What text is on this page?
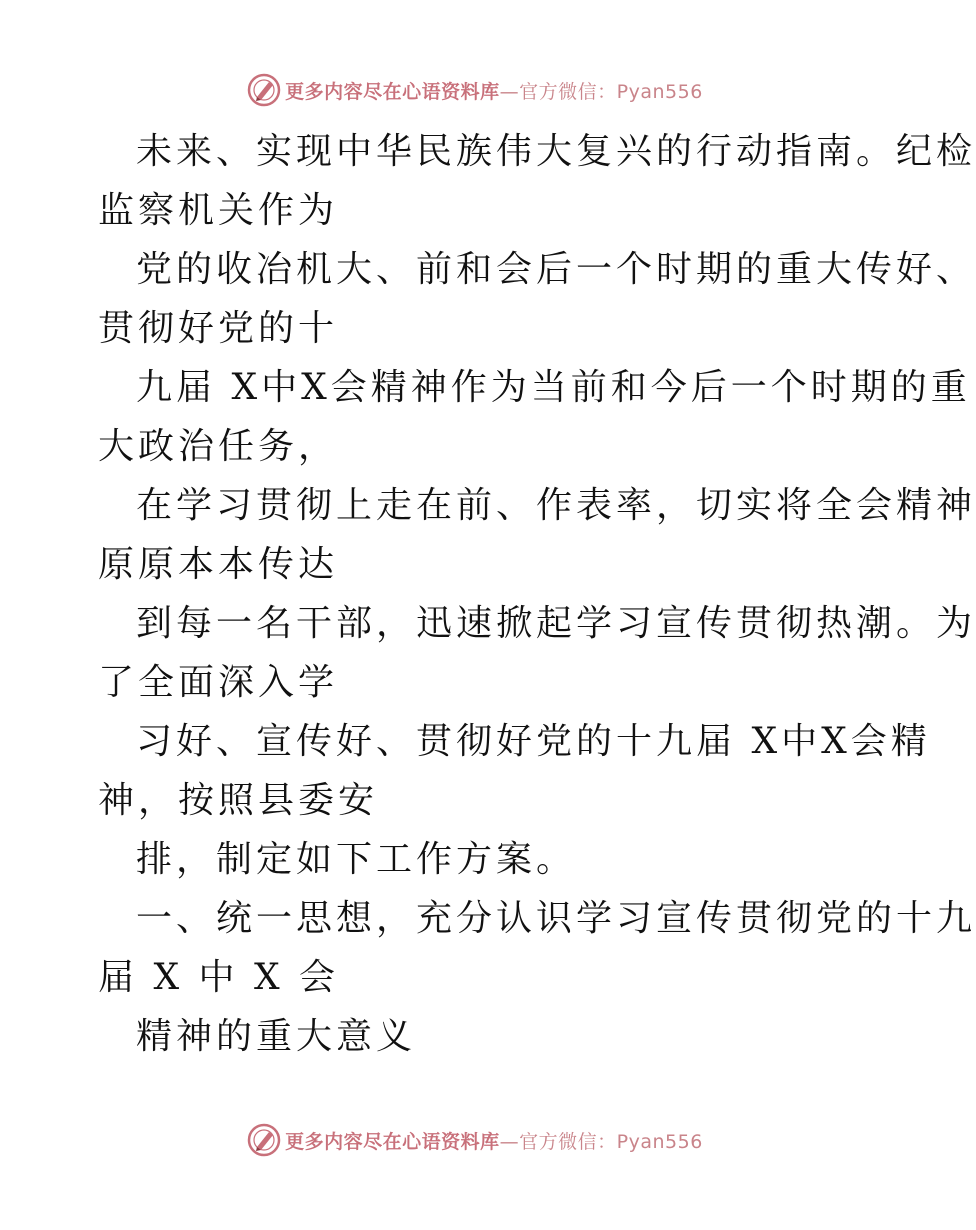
更多内容尽在心语资料库—官方微信：Pyan556
未来、实现中华民族伟大复兴的行动指南。纪检
监察机关作为
党的收冶机大、前和会后一个时期的重大传好、
贯彻好党的十
九届 X中X会精神作为当前和今后一个时期的重
大政治任务，
在学习贯彻上走在前、作表率，切实将全会精神
原原本本传达
到每一名干部，迅速掀起学习宣传贯彻热潮。为
了全面深入学
习好、宣传好、贯彻好党的十九届 X中X会精
神，按照县委安
排，制定如下工作方案。
一、统一思想，充分认识学习宣传贯彻党的十九
届 X 中 X 会
精神的重大意义
更多内容尽在心语资料库—官方微信：Pyan556
